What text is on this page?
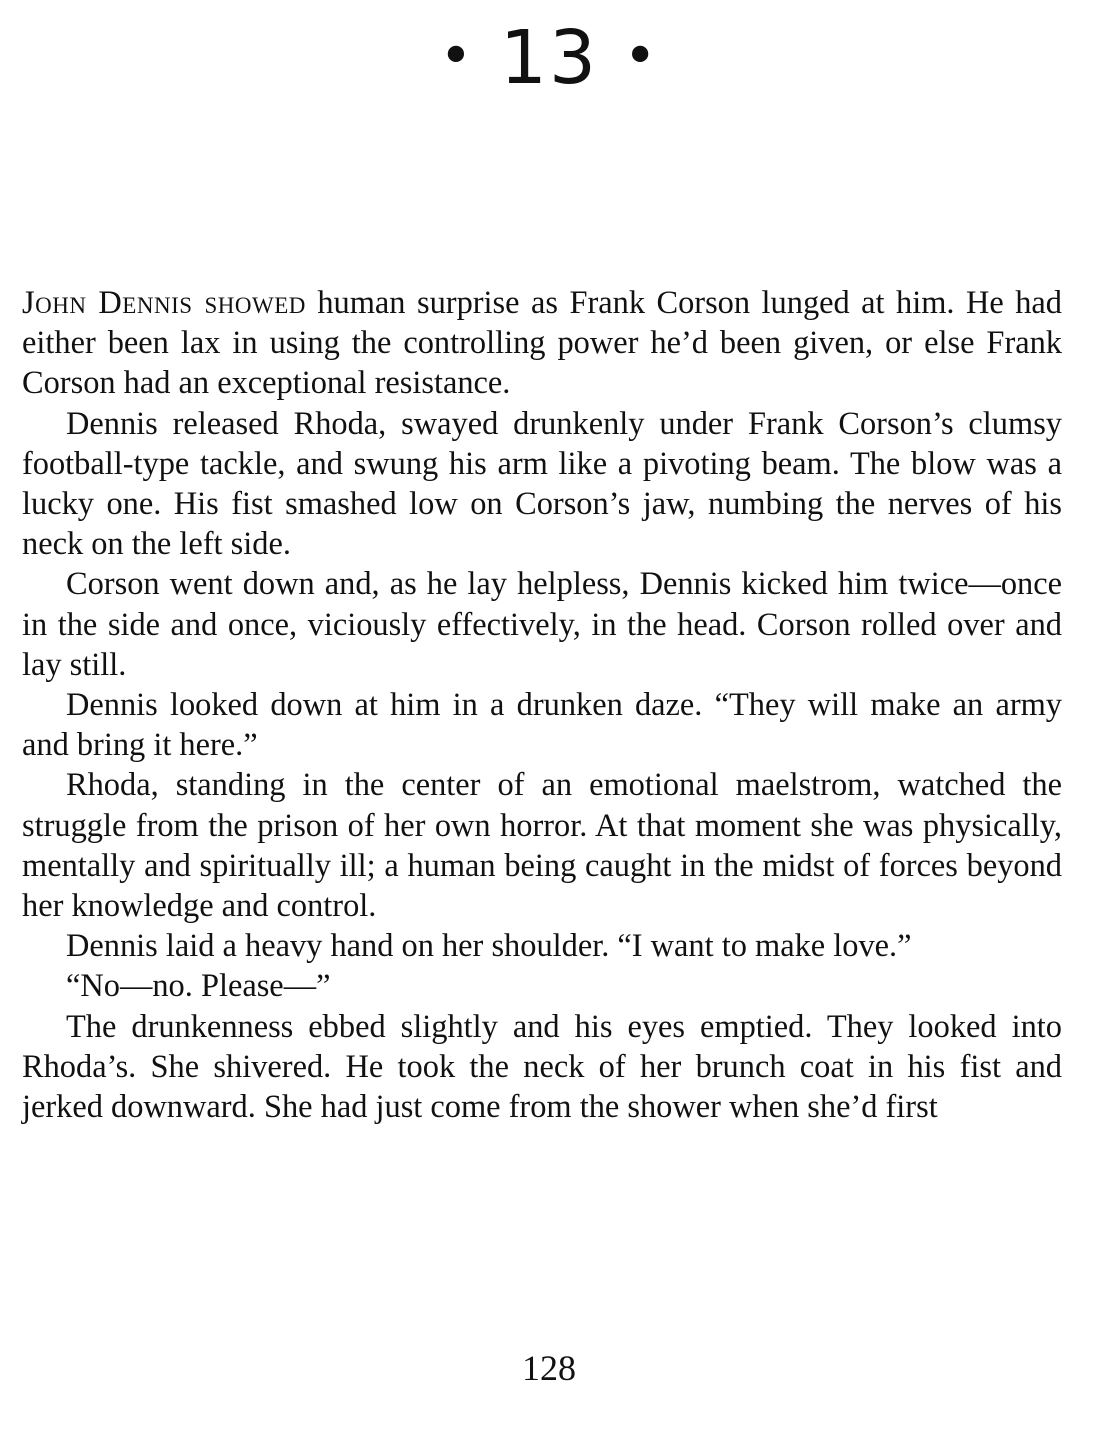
• 13 •

John Dennis showed human surprise as Frank Corson lunged at him. He had either been lax in using the controlling power he’d been given, or else Frank Corson had an exceptional resistance.

Dennis released Rhoda, swayed drunkenly under Frank Corson’s clumsy football-type tackle, and swung his arm like a pivoting beam. The blow was a lucky one. His fist smashed low on Corson’s jaw, numbing the nerves of his neck on the left side.

Corson went down and, as he lay helpless, Dennis kicked him twice—once in the side and once, viciously effectively, in the head. Corson rolled over and lay still.

Dennis looked down at him in a drunken daze. “They will make an army and bring it here.”

Rhoda, standing in the center of an emotional maelstrom, watched the struggle from the prison of her own horror. At that moment she was physically, mentally and spiritually ill; a human being caught in the midst of forces beyond her knowledge and control.

Dennis laid a heavy hand on her shoulder. “I want to make love.”

“No—no. Please—”

The drunkenness ebbed slightly and his eyes emptied. They looked into Rhoda’s. She shivered. He took the neck of her brunch coat in his fist and jerked downward. She had just come from the shower when she’d first

128
